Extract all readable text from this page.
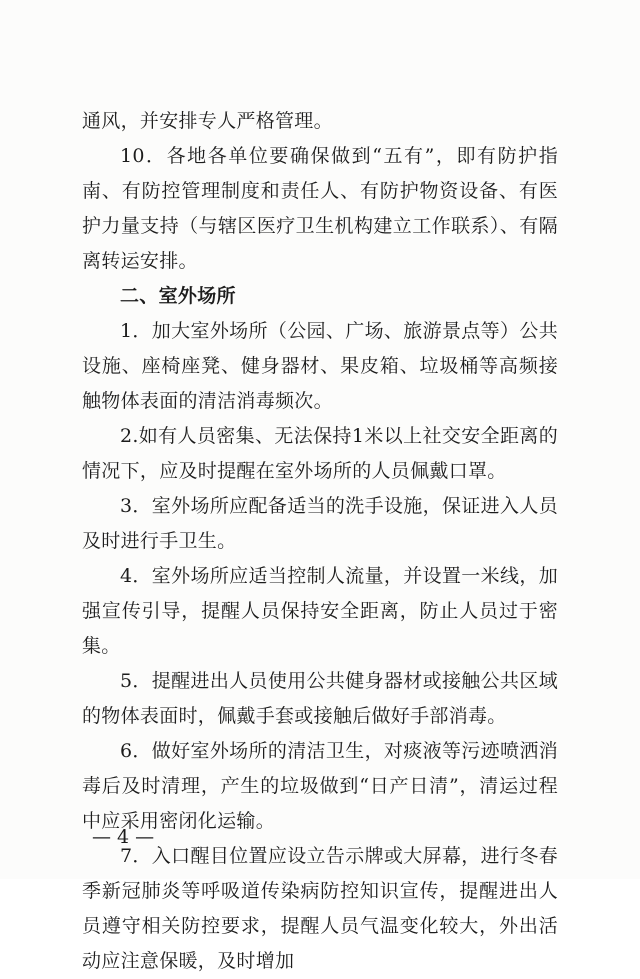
通风，并安排专人严格管理。

10．各地各单位要确保做到“五有”，即有防护指南、有防控管理制度和责任人、有防护物资设备、有医护力量支持（与辖区医疗卫生机构建立工作联系）、有隔离转运安排。

二、室外场所

1．加大室外场所（公园、广场、旅游景点等）公共设施、座椅座凳、健身器材、果皮箱、垃圾桶等高频接触物体表面的清洁消毒频次。

2.如有人员密集、无法保持1米以上社交安全距离的情况下，应及时提醒在室外场所的人员佩戴口罩。

3．室外场所应配备适当的洗手设施，保证进入人员及时进行手卫生。

4．室外场所应适当控制人流量，并设置一米线，加强宣传引导，提醒人员保持安全距离，防止人员过于密集。

5．提醒进出人员使用公共健身器材或接触公共区域的物体表面时，佩戴手套或接触后做好手部消毒。

6．做好室外场所的清洁卫生，对痰液等污迹喷洒消毒后及时清理，产生的垃圾做到“日产日清”，清运过程中应采用密闭化运输。

7．入口醒目位置应设立告示牌或大屏幕，进行冬春季新冠肺炎等呼吸道传染病防控知识宣传，提醒进出人员遵守相关防控要求，提醒人员气温变化较大，外出活动应注意保暖，及时增加

— 4 —
